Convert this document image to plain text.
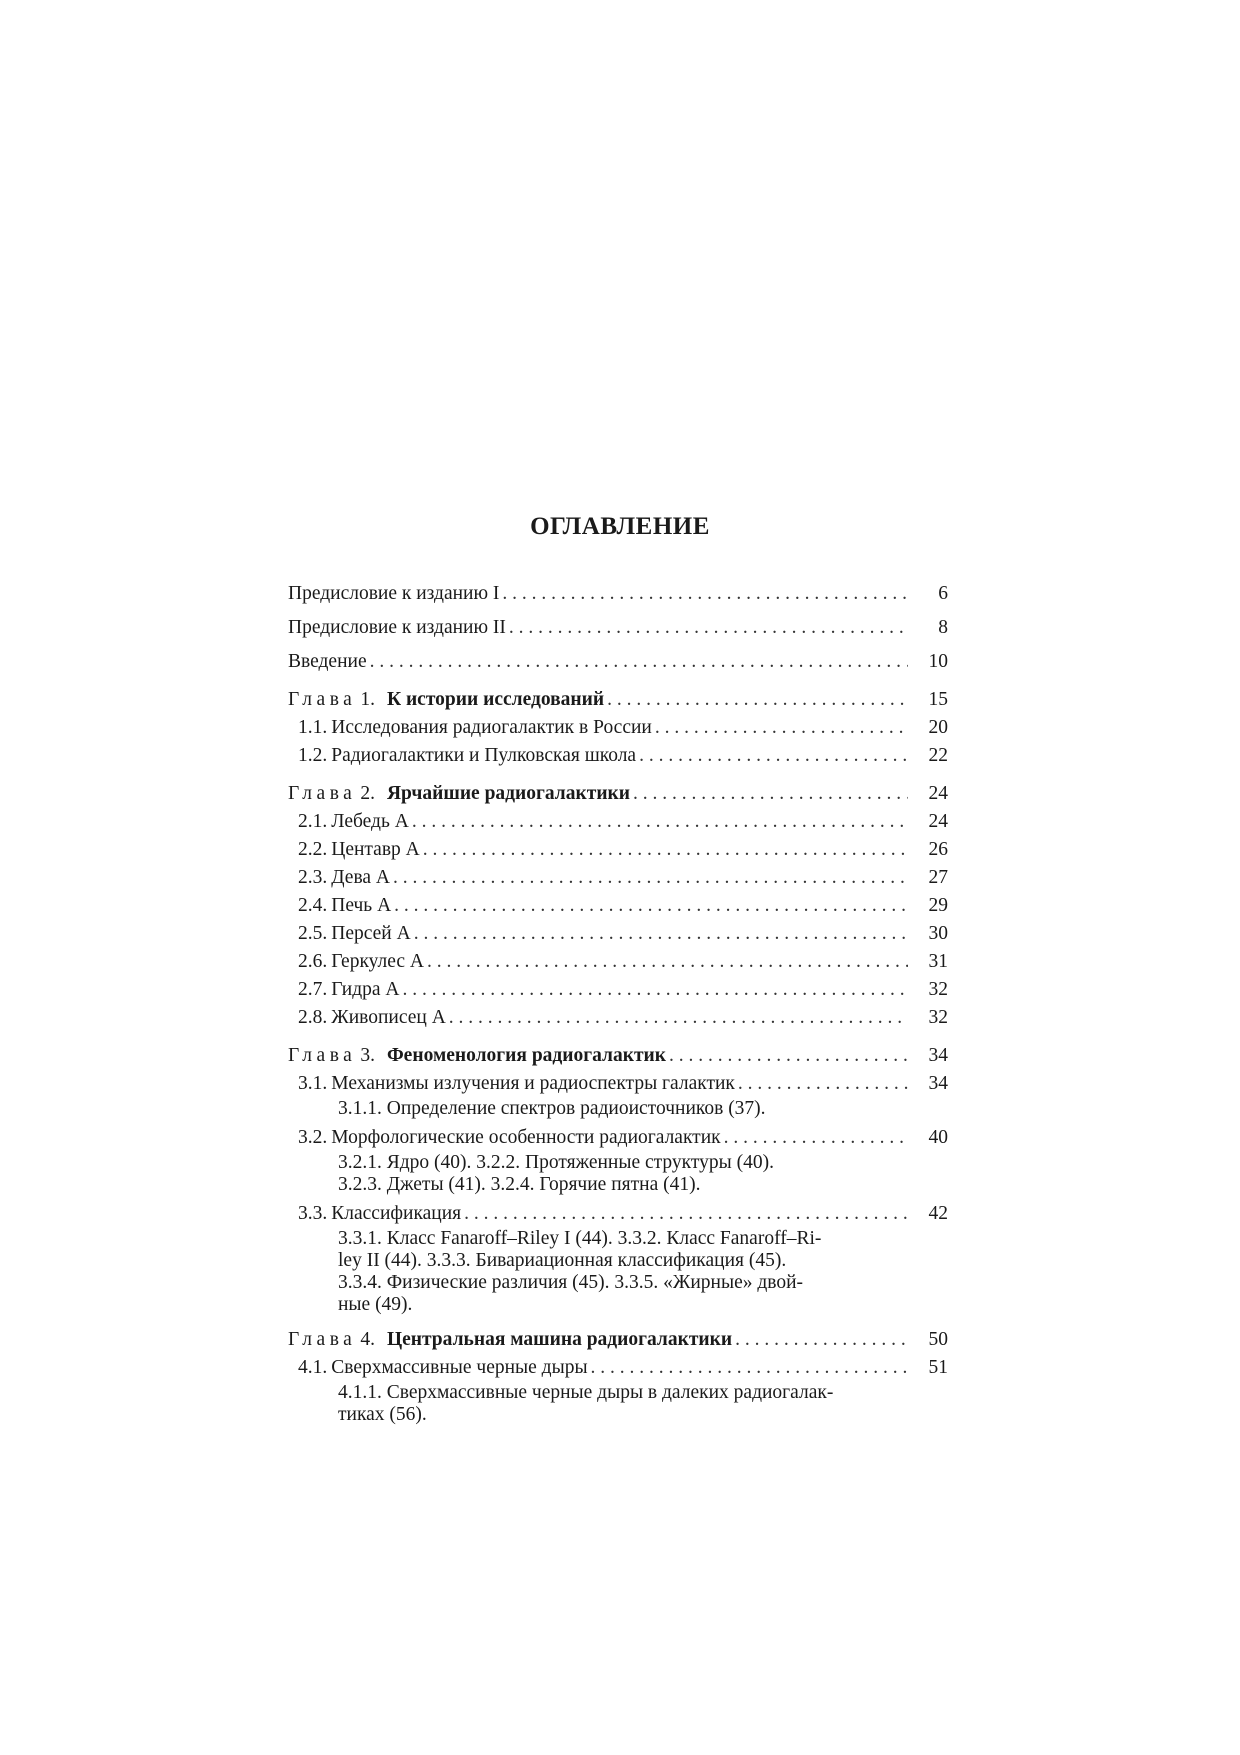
ОГЛАВЛЕНИЕ
Предисловие к изданию I . . .	6
Предисловие к изданию II . . .	8
Введение . . .	10
Глава 1. К истории исследований . . .	15
1.1. Исследования радиогалактик в России . . .	20
1.2. Радиогалактики и Пулковская школа . . .	22
Глава 2. Ярчайшие радиогалактики . . .	24
2.1. Лебедь A . . .	24
2.2. Центавр A . . .	26
2.3. Дева A . . .	27
2.4. Печь A . . .	29
2.5. Персей A . . .	30
2.6. Геркулес A . . .	31
2.7. Гидра A . . .	32
2.8. Живописец A . . .	32
Глава 3. Феноменология радиогалактик . . .	34
3.1. Механизмы излучения и радиоспектры галактик . . .	34
3.1.1. Определение спектров радиоисточников (37).
3.2. Морфологические особенности радиогалактик . . .	40
3.2.1. Ядро (40). 3.2.2. Протяженные структуры (40).
3.2.3. Джеты (41). 3.2.4. Горячие пятна (41).
3.3. Классификация . . .	42
3.3.1. Класс Fanaroff–Riley I (44). 3.3.2. Класс Fanaroff–Ri-
ley II (44). 3.3.3. Бивариационная классификация (45).
3.3.4. Физические различия (45). 3.3.5. «Жирные» двой-
ные (49).
Глава 4. Центральная машина радиогалактики . . .	50
4.1. Сверхмассивные черные дыры . . .	51
4.1.1. Сверхмассивные черные дыры в далеких радиогалак-
тиках (56).
